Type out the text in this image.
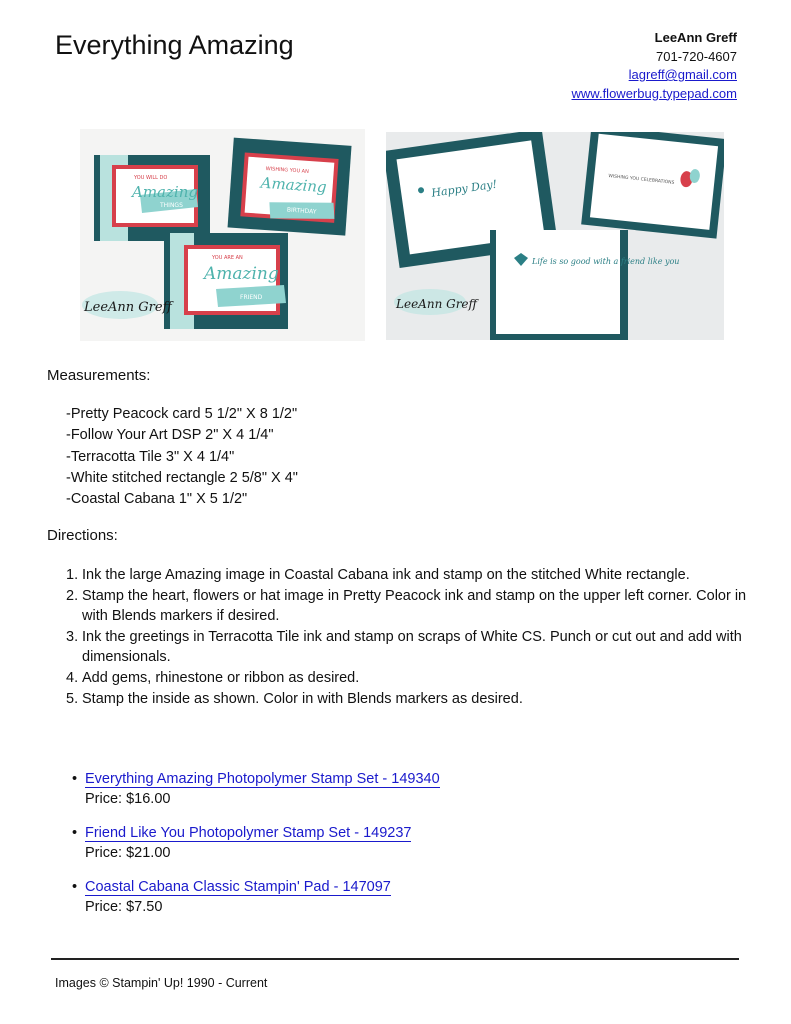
Everything Amazing	LeeAnn Greff
701-720-4607
lagreff@gmail.com
www.flowerbug.typepad.com
YOU WILL DO
Amazing
THINGS
WISHING YOU AN
Amazing
BIRTHDAY
YOU ARE AN
Amazing
FRIEND
LeeAnn Greff
Happy Day!	WISHING YOU CELEBRATIONS
Life is so good with a friend like you
LeeAnn Greff
Measurements:
-Pretty Peacock card 5 1/2" X 8 1/2"
-Follow Your Art DSP 2" X 4 1/4"
-Terracotta Tile 3" X 4 1/4"
-White stitched rectangle 2 5/8" X 4"
-Coastal Cabana 1" X 5 1/2"
Directions:
1. Ink the large Amazing image in Coastal Cabana ink and stamp on the stitched White rectangle.
2. Stamp the heart, flowers or hat image in Pretty Peacock ink and stamp on the upper left corner. Color in with Blends markers if desired.
3. Ink the greetings in Terracotta Tile ink and stamp on scraps of White CS. Punch or cut out and add with dimensionals.
4. Add gems, rhinestone or ribbon as desired.
5. Stamp the inside as shown. Color in with Blends markers as desired.
• Everything Amazing Photopolymer Stamp Set - 149340
Price: $16.00
• Friend Like You Photopolymer Stamp Set - 149237
Price: $21.00
• Coastal Cabana Classic Stampin' Pad - 147097
Price: $7.50
Images © Stampin' Up! 1990 - Current
